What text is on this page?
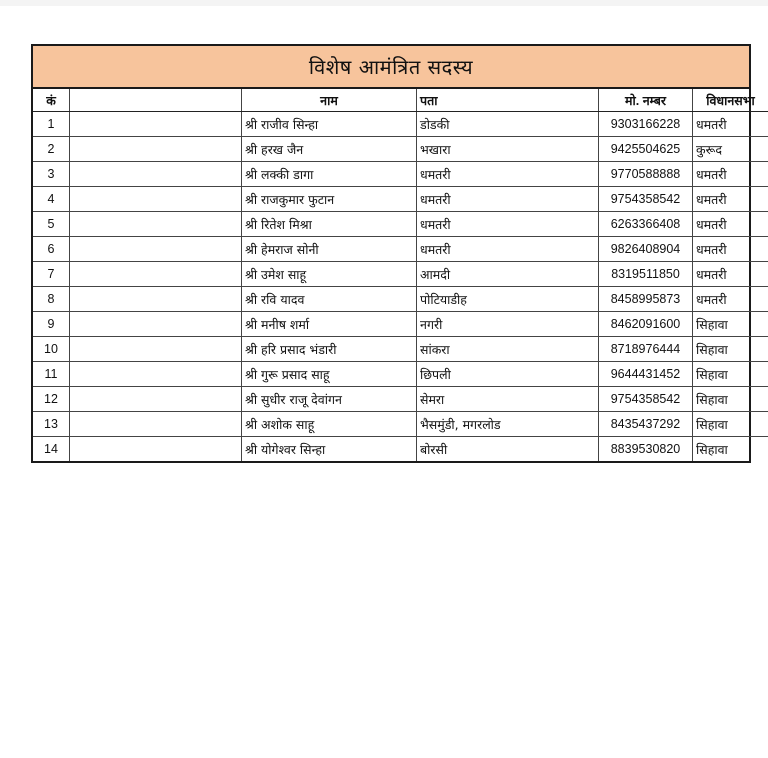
विशेष आमंत्रित सदस्य
कं		नाम	पता	मो. नम्बर	विधानसभा
1		श्री राजीव सिन्हा	डोडकी	9303166228	धमतरी
2		श्री हरख जैन	भखारा	9425504625	कुरूद
3		श्री लक्की डागा	धमतरी	9770588888	धमतरी
4		श्री राजकुमार फुटान	धमतरी	9754358542	धमतरी
5		श्री रितेश मिश्रा	धमतरी	6263366408	धमतरी
6		श्री हेमराज सोनी	धमतरी	9826408904	धमतरी
7		श्री उमेश साहू	आमदी	8319511850	धमतरी
8		श्री रवि यादव	पोटियाडीह	8458995873	धमतरी
9		श्री मनीष शर्मा	नगरी	8462091600	सिहावा
10		श्री हरि प्रसाद भंडारी	सांकरा	8718976444	सिहावा
11		श्री गुरू प्रसाद साहू	छिपली	9644431452	सिहावा
12		श्री सुधीर राजू देवांगन	सेमरा	9754358542	सिहावा
13		श्री अशोक साहू	भैसमुंडी, मगरलोड	8435437292	सिहावा
14		श्री योगेश्वर सिन्हा	बोरसी	8839530820	सिहावा
